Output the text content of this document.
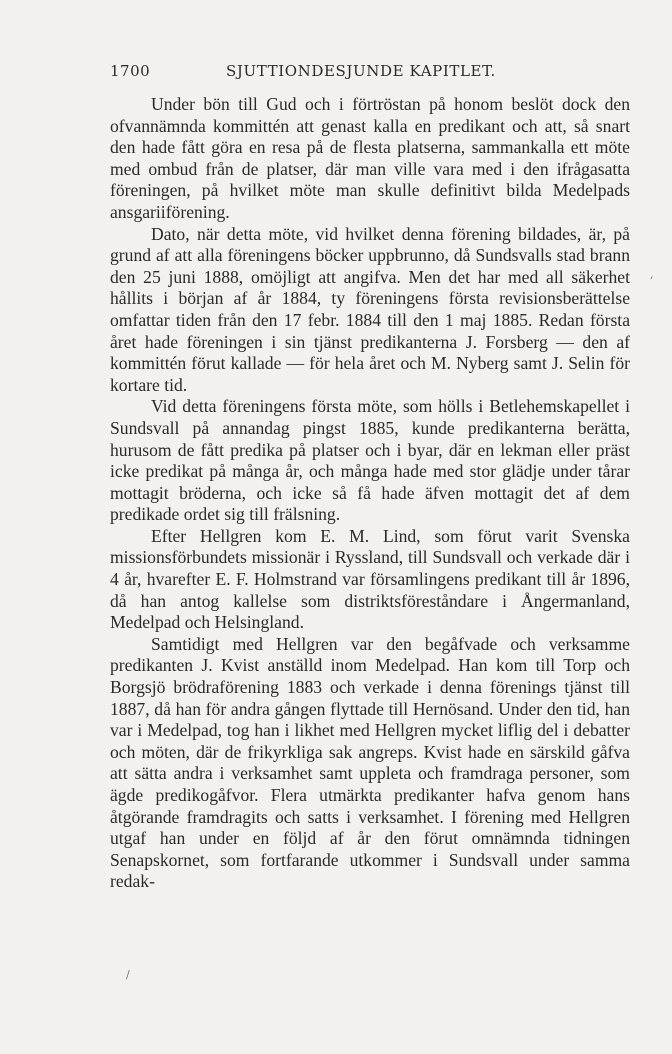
1700	SJUTTIONDESJUNDE KAPITLET.

Under bön till Gud och i förtröstan på honom beslöt dock den ofvannämnda kommittén att genast kalla en predikant och att, så snart den hade fått göra en resa på de flesta platserna, sammankalla ett möte med ombud från de platser, där man ville vara med i den ifrågasatta föreningen, på hvilket möte man skulle definitivt bilda Medelpads ansgariiförening.

Dato, när detta möte, vid hvilket denna förening bildades, är, på grund af att alla föreningens böcker uppbrunno, då Sundsvalls stad brann den 25 juni 1888, omöjligt att angifva. Men det har med all säkerhet hållits i början af år 1884, ty föreningens första revisionsberättelse omfattar tiden från den 17 febr. 1884 till den 1 maj 1885. Redan första året hade föreningen i sin tjänst predikanterna J. Forsberg — den af kommittén förut kallade — för hela året och M. Nyberg samt J. Selin för kortare tid.

Vid detta föreningens första möte, som hölls i Betlehemskapellet i Sundsvall på annandag pingst 1885, kunde predikanterna berätta, hurusom de fått predika på platser och i byar, där en lekman eller präst icke predikat på många år, och många hade med stor glädje under tårar mottagit bröderna, och icke så få hade äfven mottagit det af dem predikade ordet sig till frälsning.

Efter Hellgren kom E. M. Lind, som förut varit Svenska missionsförbundets missionär i Ryssland, till Sundsvall och verkade där i 4 år, hvarefter E. F. Holmstrand var församlingens predikant till år 1896, då han antog kallelse som distriktsföreståndare i Ångermanland, Medelpad och Helsingland.

Samtidigt med Hellgren var den begåfvade och verksamme predikanten J. Kvist anställd inom Medelpad. Han kom till Torp och Borgsjö brödraförening 1883 och verkade i denna förenings tjänst till 1887, då han för andra gången flyttade till Hernösand. Under den tid, han var i Medelpad, tog han i likhet med Hellgren mycket liflig del i debatter och möten, där de frikyrkliga sak angreps. Kvist hade en särskild gåfva att sätta andra i verksamhet samt uppleta och framdraga personer, som ägde predikogåfvor. Flera utmärkta predikanter hafva genom hans åtgörande framdragits och satts i verksamhet. I förening med Hellgren utgaf han under en följd af år den förut omnämnda tidningen Senapskornet, som fortfarande utkommer i Sundsvall under samma redak-

,
/
